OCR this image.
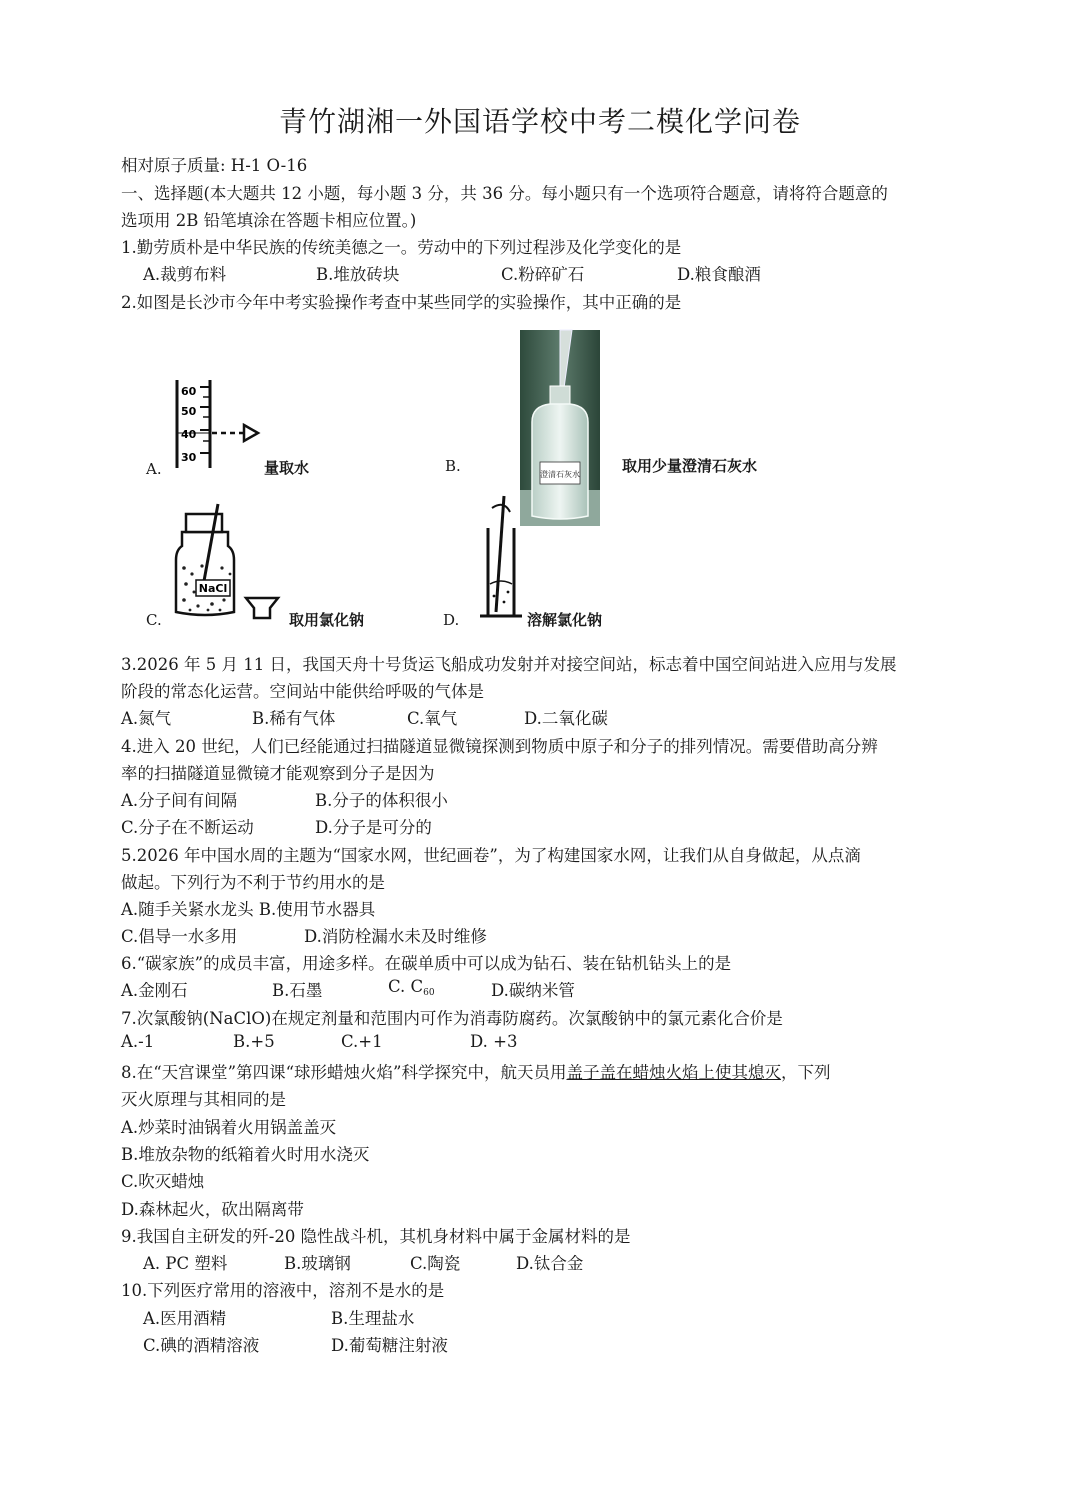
青竹湖湘一外国语学校中考二模化学问卷
相对原子质量: H-1 O-16
一、选择题(本大题共 12 小题，每小题 3 分，共 36 分。每小题只有一个选项符合题意，请将符合题意的
选项用 2B 铅笔填涂在答题卡相应位置。)
1.勤劳质朴是中华民族的传统美德之一。劳动中的下列过程涉及化学变化的是
A.裁剪布料	B.堆放砖块	C.粉碎矿石	D.粮食酿酒
2.如图是长沙市今年中考实验操作考查中某些同学的实验操作，其中正确的是
A.
60
50
40
30
量取水	B.	澄清石灰水	取用少量澄清石灰水
C.
NaCl
取用氯化钠	D.	溶解氯化钠
3.2026 年 5 月 11 日，我国天舟十号货运飞船成功发射并对接空间站，标志着中国空间站进入应用与发展
阶段的常态化运营。空间站中能供给呼吸的气体是
A.氮气	B.稀有气体	C.氧气	D.二氧化碳
4.进入 20 世纪，人们已经能通过扫描隧道显微镜探测到物质中原子和分子的排列情况。需要借助高分辨
率的扫描隧道显微镜才能观察到分子是因为
A.分子间有间隔	B.分子的体积很小
C.分子在不断运动	D.分子是可分的
5.2026 年中国水周的主题为“国家水网，世纪画卷”，为了构建国家水网，让我们从自身做起，从点滴
做起。下列行为不利于节约用水的是
A.随手关紧水龙头 B.使用节水器具
C.倡导一水多用	D.消防栓漏水未及时维修
6.“碳家族”的成员丰富，用途多样。在碳单质中可以成为钻石、装在钻机钻头上的是
A.金刚石	B.石墨	C. $C_{60}$	D.碳纳米管
7.次氯酸钠(NaClO)在规定剂量和范围内可作为消毒防腐药。次氯酸钠中的氯元素化合价是
A.-1	B.+5	C.+1	D. +3
8.在“天宫课堂”第四课“球形蜡烛火焰”科学探究中，航天员用盖子盖在蜡烛火焰上使其熄灭，下列
灭火原理与其相同的是
A.炒菜时油锅着火用锅盖盖灭
B.堆放杂物的纸箱着火时用水浇灭
C.吹灭蜡烛
D.森林起火，砍出隔离带
9.我国自主研发的歼-20 隐性战斗机，其机身材料中属于金属材料的是
A. PC 塑料	B.玻璃钢	C.陶瓷	D.钛合金
10.下列医疗常用的溶液中，溶剂不是水的是
A.医用酒精	B.生理盐水
C.碘的酒精溶液	D.葡萄糖注射液
